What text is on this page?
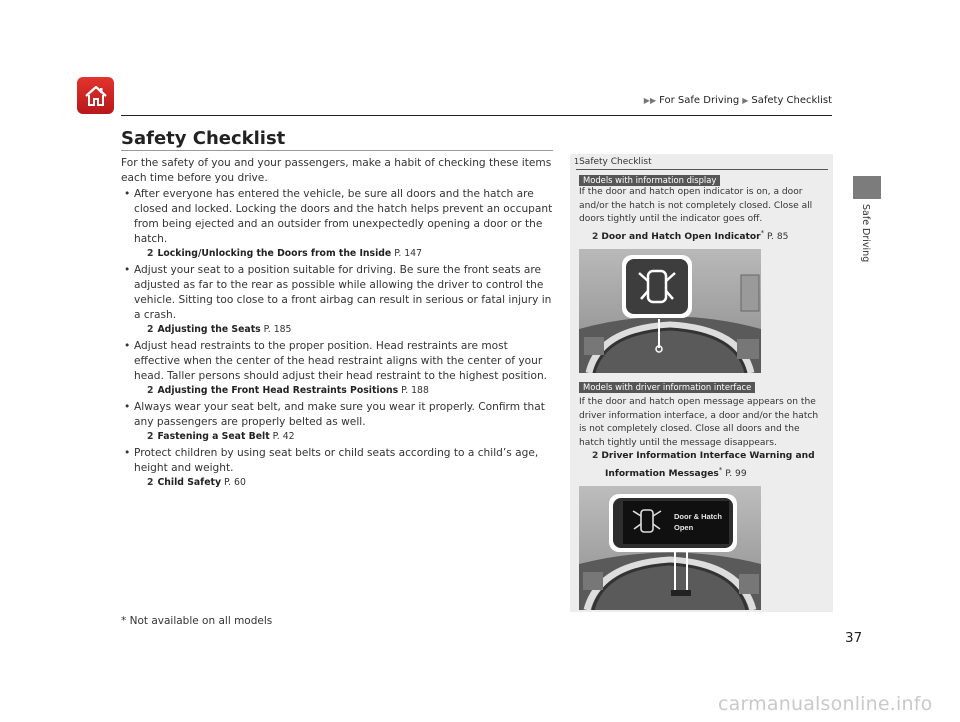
▶▶ For Safe Driving ▶ Safety Checklist
Safe Driving
Safety Checklist

For the safety of you and your passengers, make a habit of checking these items each time before you drive.

• After everyone has entered the vehicle, be sure all doors and the hatch are closed and locked. Locking the doors and the hatch helps prevent an occupant from being ejected and an outsider from unexpectedly opening a door or the hatch.
2 Locking/Unlocking the Doors from the Inside P. 147
• Adjust your seat to a position suitable for driving. Be sure the front seats are adjusted as far to the rear as possible while allowing the driver to control the vehicle. Sitting too close to a front airbag can result in serious or fatal injury in a crash.
2 Adjusting the Seats P. 185
• Adjust head restraints to the proper position. Head restraints are most effective when the center of the head restraint aligns with the center of your head. Taller persons should adjust their head restraint to the highest position.
2 Adjusting the Front Head Restraints Positions P. 188
• Always wear your seat belt, and make sure you wear it properly. Confirm that any passengers are properly belted as well.
2 Fastening a Seat Belt P. 42
• Protect children by using seat belts or child seats according to a child’s age, height and weight.
2 Child Safety P. 60
1Safety Checklist
Models with information display
If the door and hatch open indicator is on, a door and/or the hatch is not completely closed. Close all doors tightly until the indicator goes off.
2 Door and Hatch Open Indicator* P. 85
Models with driver information interface
If the door and hatch open message appears on the driver information interface, a door and/or the hatch is not completely closed. Close all doors and the hatch tightly until the message disappears.
2 Driver Information Interface Warning and
Information Messages* P. 99
Door & Hatch
Open
* Not available on all models
37
carmanualsonline.info
